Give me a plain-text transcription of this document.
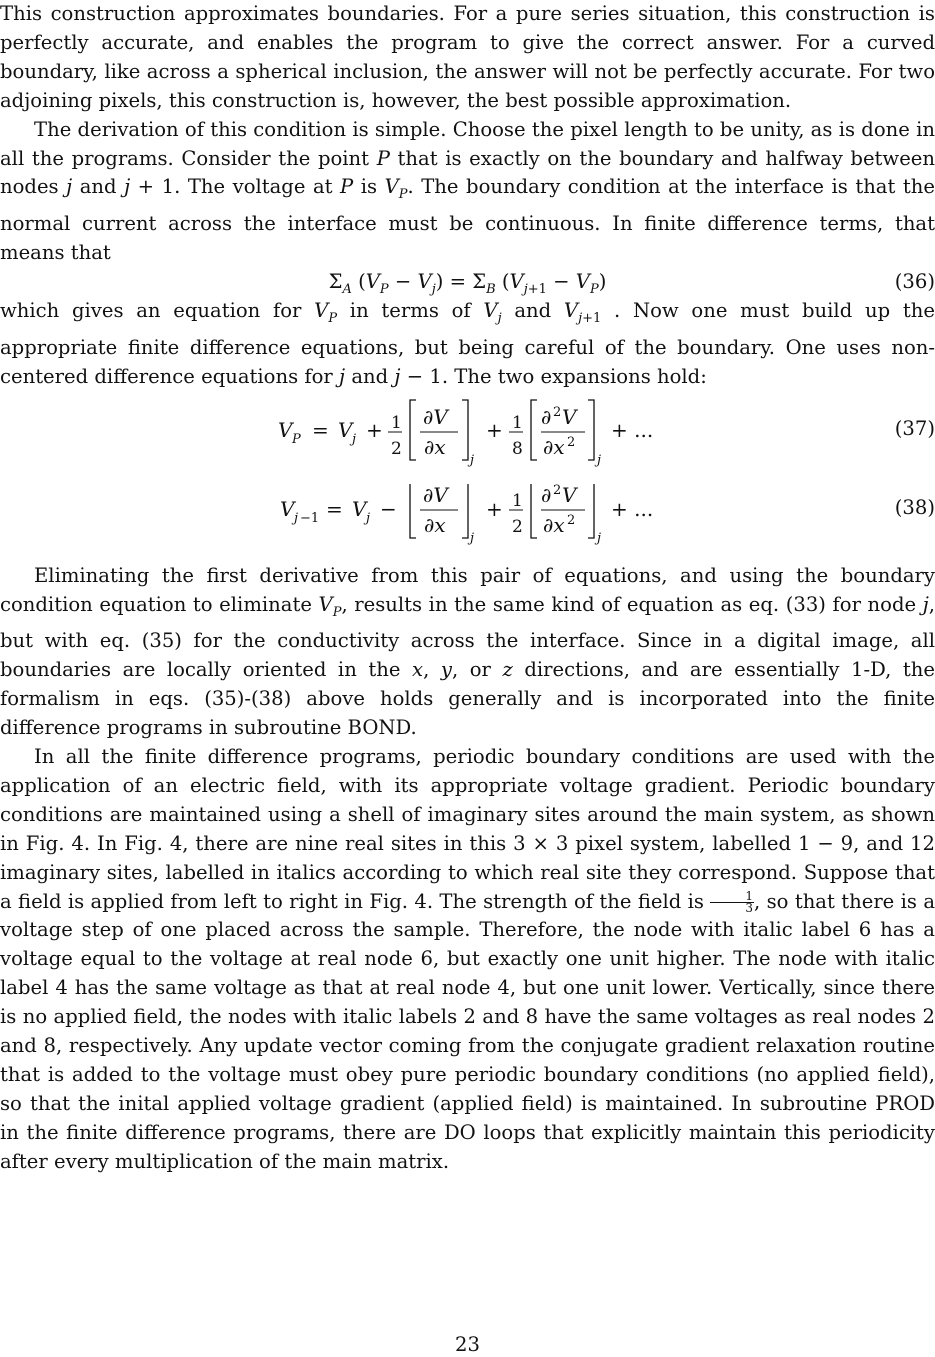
This construction approximates boundaries. For a pure series situation, this construction is perfectly accurate, and enables the program to give the correct answer. For a curved boundary, like across a spherical inclusion, the answer will not be perfectly accurate. For two adjoining pixels, this construction is, however, the best possible approximation.

The derivation of this condition is simple. Choose the pixel length to be unity, as is done in all the programs. Consider the point P that is exactly on the boundary and halfway between nodes j and j + 1. The voltage at P is $V_P$. The boundary condition at the interface is that the normal current across the interface must be continuous. In finite difference terms, that means that

$\Sigma_A$ $(V_P - V_j) = \Sigma_B$ $(V_{j+1} - V_P)$	(36)

which gives an equation for $V_P$ in terms of $V_j$ and $V_{j+1}$ . Now one must build up the appropriate finite difference equations, but being careful of the boundary. One uses non-centered difference equations for j and j − 1. The two expansions hold:

V P = V j + 1
2
∂V
∂x
j
+ 1
8
∂ 2 V
∂x 2
j
+ ...	(37)
V j −1 = V j −
∂V
∂x
j
+ 1
2
∂ 2 V
∂x 2
j
+ ...	(38)

Eliminating the first derivative from this pair of equations, and using the boundary condition equation to eliminate $V_P$, results in the same kind of equation as eq. (33) for node j, but with eq. (35) for the conductivity across the interface. Since in a digital image, all boundaries are locally oriented in the x, y, or z directions, and are essentially 1-D, the formalism in eqs. (35)-(38) above holds generally and is incorporated into the finite difference programs in subroutine BOND.

In all the finite difference programs, periodic boundary conditions are used with the application of an electric field, with its appropriate voltage gradient. Periodic boundary conditions are maintained using a shell of imaginary sites around the main system, as shown in Fig. 4. In Fig. 4, there are nine real sites in this 3 × 3 pixel system, labelled 1 − 9, and 12 imaginary sites, labelled in italics according to which real site they correspond. Suppose that a field is applied from left to right in Fig. 4. The strength of the field is $\frac{1}{3}$ , so that there is a voltage step of one placed across the sample. Therefore, the node with italic label 6 has a voltage equal to the voltage at real node 6, but exactly one unit higher. The node with italic label 4 has the same voltage as that at real node 4, but one unit lower. Vertically, since there is no applied field, the nodes with italic labels 2 and 8 have the same voltages as real nodes 2 and 8, respectively. Any update vector coming from the conjugate gradient relaxation routine that is added to the voltage must obey pure periodic boundary conditions (no applied field), so that the inital applied voltage gradient (applied field) is maintained. In subroutine PROD in the finite difference programs, there are DO loops that explicitly maintain this periodicity after every multiplication of the main matrix.

23
